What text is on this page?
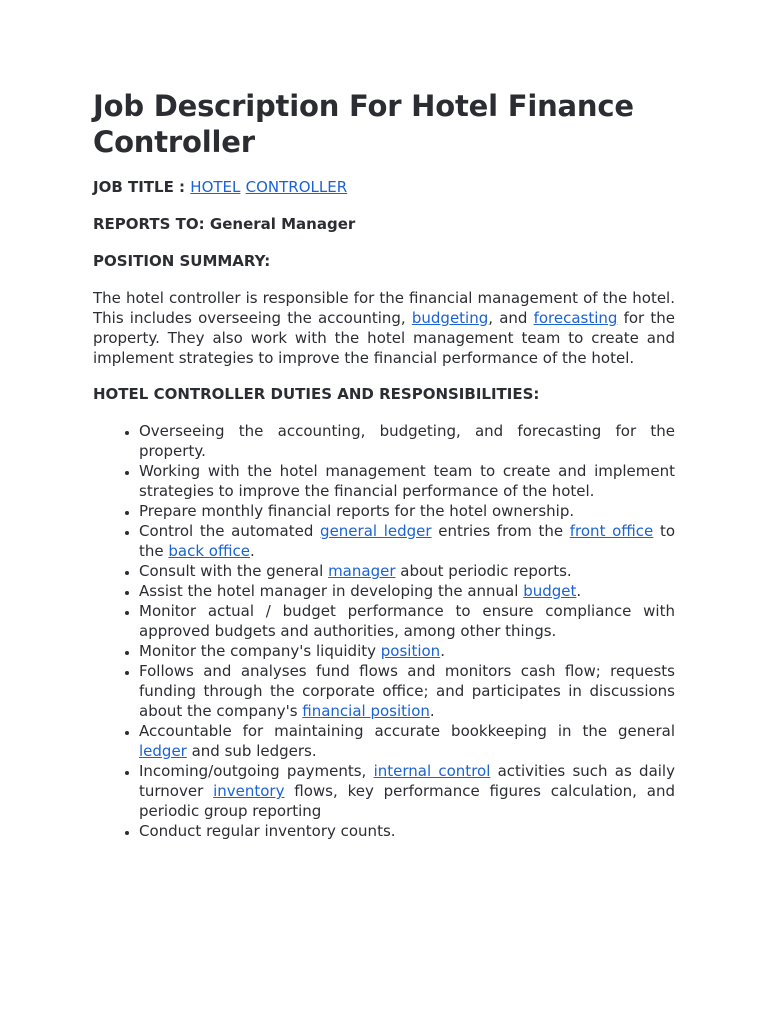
Job Description For Hotel Finance Controller
JOB TITLE : HOTEL CONTROLLER
REPORTS TO: General Manager
POSITION SUMMARY:

The hotel controller is responsible for the financial management of the hotel. This includes overseeing the accounting, budgeting, and forecasting for the property. They also work with the hotel management team to create and implement strategies to improve the financial performance of the hotel.

HOTEL CONTROLLER DUTIES AND RESPONSIBILITIES:
• Overseeing the accounting, budgeting, and forecasting for the property.
• Working with the hotel management team to create and implement strategies to improve the financial performance of the hotel.
• Prepare monthly financial reports for the hotel ownership.
• Control the automated general ledger entries from the front office to the back office.
• Consult with the general manager about periodic reports.
• Assist the hotel manager in developing the annual budget.
• Monitor actual / budget performance to ensure compliance with approved budgets and authorities, among other things.
• Monitor the company's liquidity position.
• Follows and analyses fund flows and monitors cash flow; requests funding through the corporate office; and participates in discussions about the company's financial position.
• Accountable for maintaining accurate bookkeeping in the general ledger and sub ledgers.
• Incoming/outgoing payments, internal control activities such as daily turnover inventory flows, key performance figures calculation, and periodic group reporting
• Conduct regular inventory counts.
